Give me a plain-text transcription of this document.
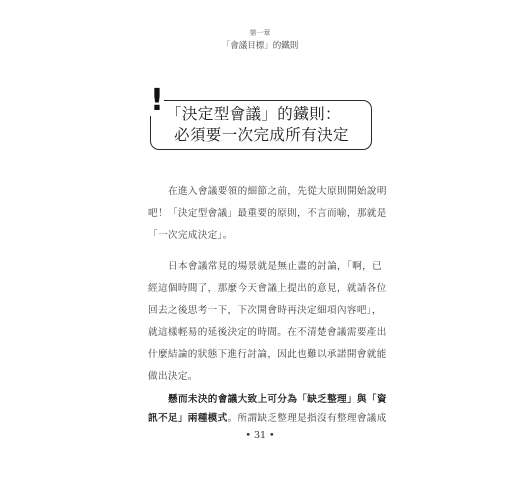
第一章
「會議目標」的鐵則
! 「決定型會議」的鐵則：
必須要一次完成所有決定
在進入會議要領的細節之前，先從大原則開始說明
吧！「決定型會議」最重要的原則，不言而喻，那就是
「一次完成決定」。
日本會議常見的場景就是無止盡的討論，「啊，已
經這個時間了，那麼今天會議上提出的意見，就請各位
回去之後思考一下，下次開會時再決定細項內容吧」，
就這樣輕易的延後決定的時間。在不清楚會議需要產出
什麼結論的狀態下進行討論，因此也難以承諾開會就能
做出決定。
懸而未決的會議大致上可分為「缺乏整理」與「資
訊不足」兩種模式。所謂缺乏整理是指沒有整理會議成
• 31 •
